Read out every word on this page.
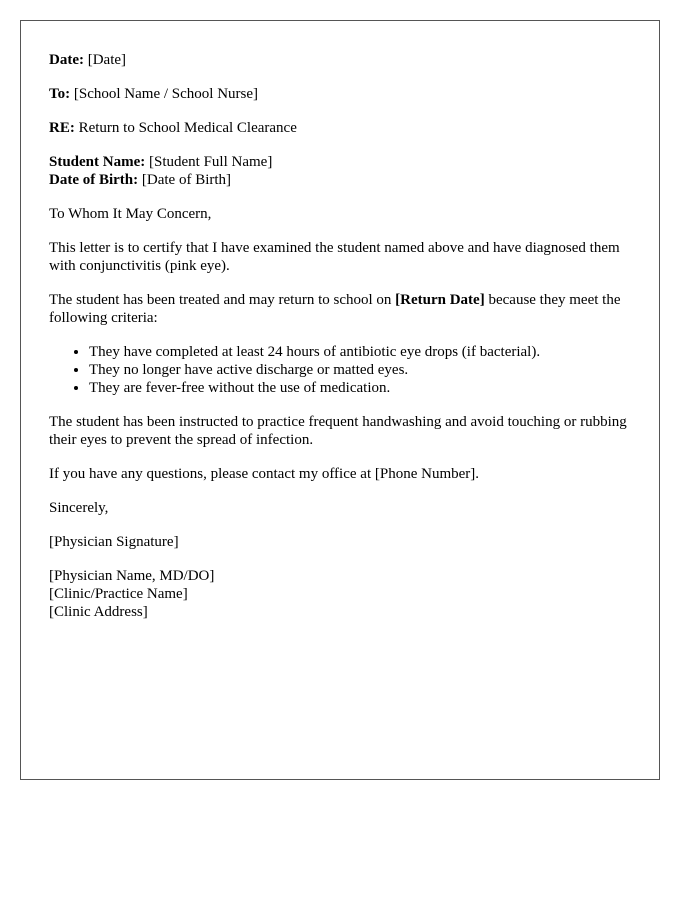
Date: [Date]

To: [School Name / School Nurse]

RE: Return to School Medical Clearance

Student Name: [Student Full Name]

Date of Birth: [Date of Birth]

To Whom It May Concern,

This letter is to certify that I have examined the student named above and have diagnosed them with conjunctivitis (pink eye).

The student has been treated and may return to school on [Return Date] because they meet the following criteria:

• They have completed at least 24 hours of antibiotic eye drops (if bacterial).
• They no longer have active discharge or matted eyes.
• They are fever-free without the use of medication.

The student has been instructed to practice frequent handwashing and avoid touching or rubbing their eyes to prevent the spread of infection.

If you have any questions, please contact my office at [Phone Number].

Sincerely,

[Physician Signature]

[Physician Name, MD/DO]

[Clinic/Practice Name]

[Clinic Address]
